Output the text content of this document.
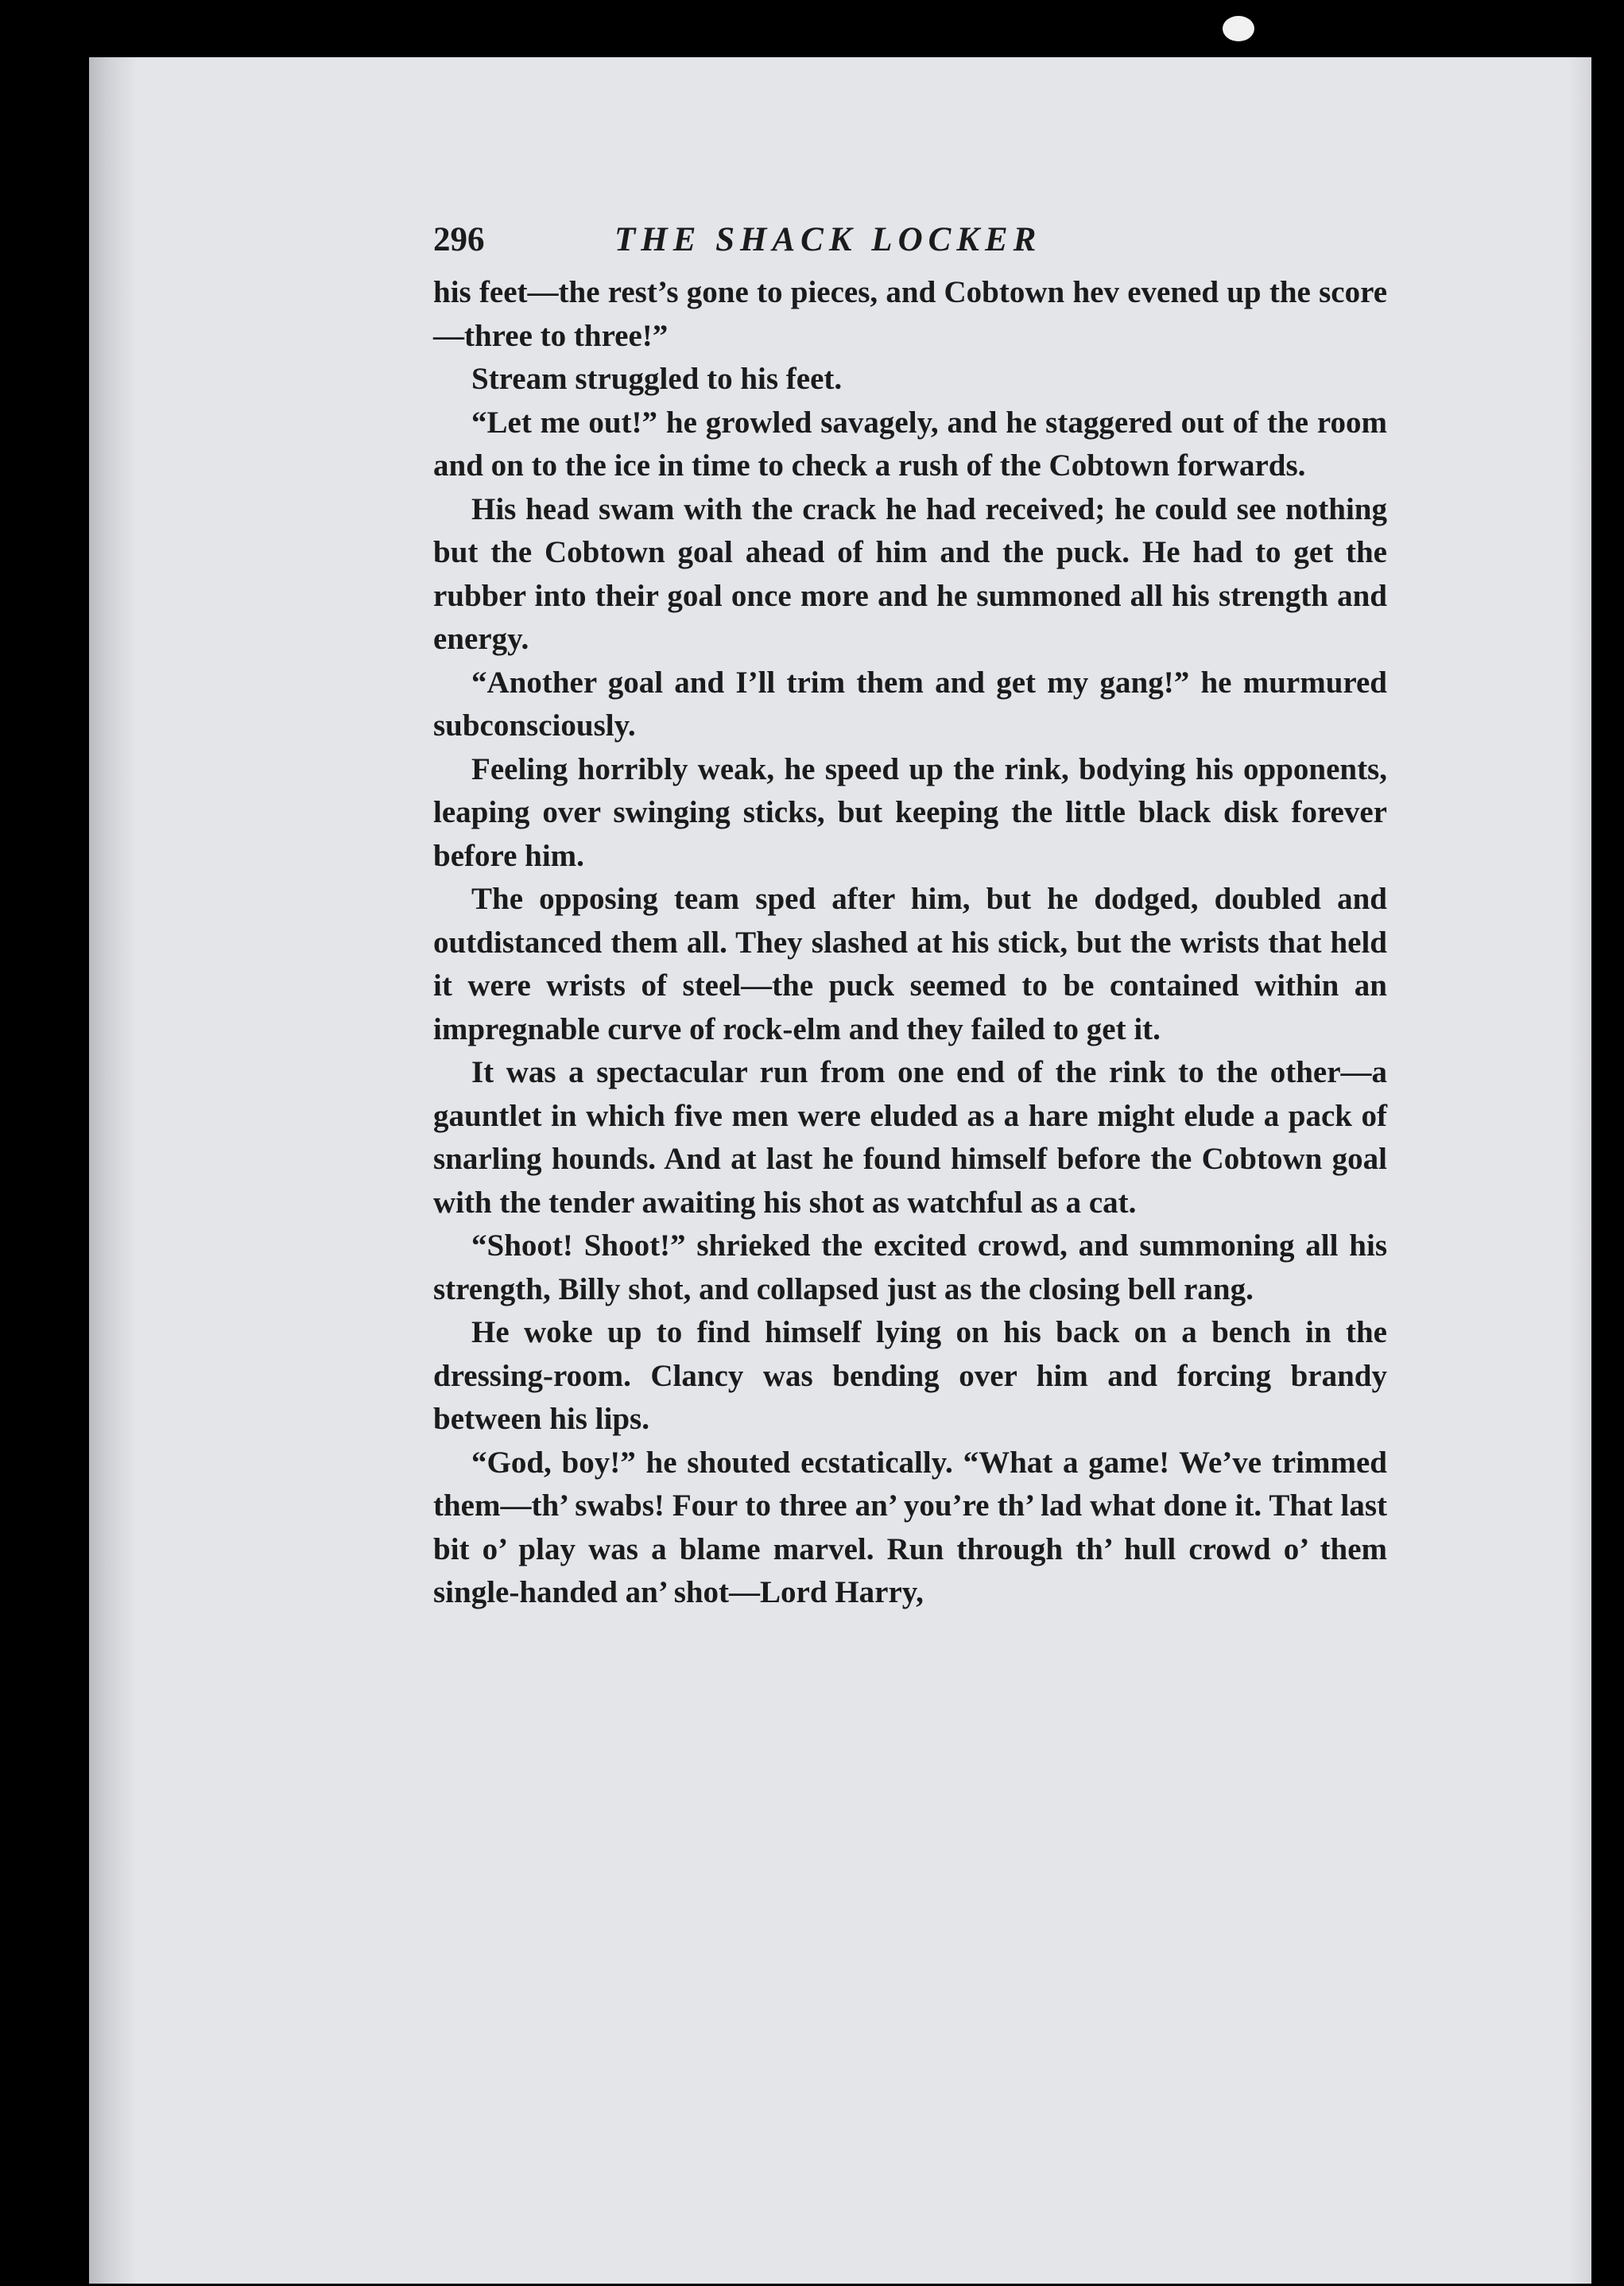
296	THE SHACK LOCKER

his feet—the rest’s gone to pieces, and Cobtown hev evened up the score—three to three!”

Stream struggled to his feet.

“Let me out!” he growled savagely, and he staggered out of the room and on to the ice in time to check a rush of the Cobtown forwards.

His head swam with the crack he had received; he could see nothing but the Cobtown goal ahead of him and the puck. He had to get the rubber into their goal once more and he summoned all his strength and energy.

“Another goal and I’ll trim them and get my gang!” he murmured subconsciously.

Feeling horribly weak, he speed up the rink, bodying his opponents, leaping over swinging sticks, but keeping the little black disk forever before him.

The opposing team sped after him, but he dodged, doubled and outdistanced them all. They slashed at his stick, but the wrists that held it were wrists of steel—the puck seemed to be contained within an impregnable curve of rock-elm and they failed to get it.

It was a spectacular run from one end of the rink to the other—a gauntlet in which five men were eluded as a hare might elude a pack of snarling hounds. And at last he found himself before the Cobtown goal with the tender awaiting his shot as watchful as a cat.

“Shoot! Shoot!” shrieked the excited crowd, and summoning all his strength, Billy shot, and collapsed just as the closing bell rang.

He woke up to find himself lying on his back on a bench in the dressing-room. Clancy was bending over him and forcing brandy between his lips.

“God, boy!” he shouted ecstatically. “What a game! We’ve trimmed them—th’ swabs! Four to three an’ you’re th’ lad what done it. That last bit o’ play was a blame marvel. Run through th’ hull crowd o’ them single-handed an’ shot—Lord Harry,
